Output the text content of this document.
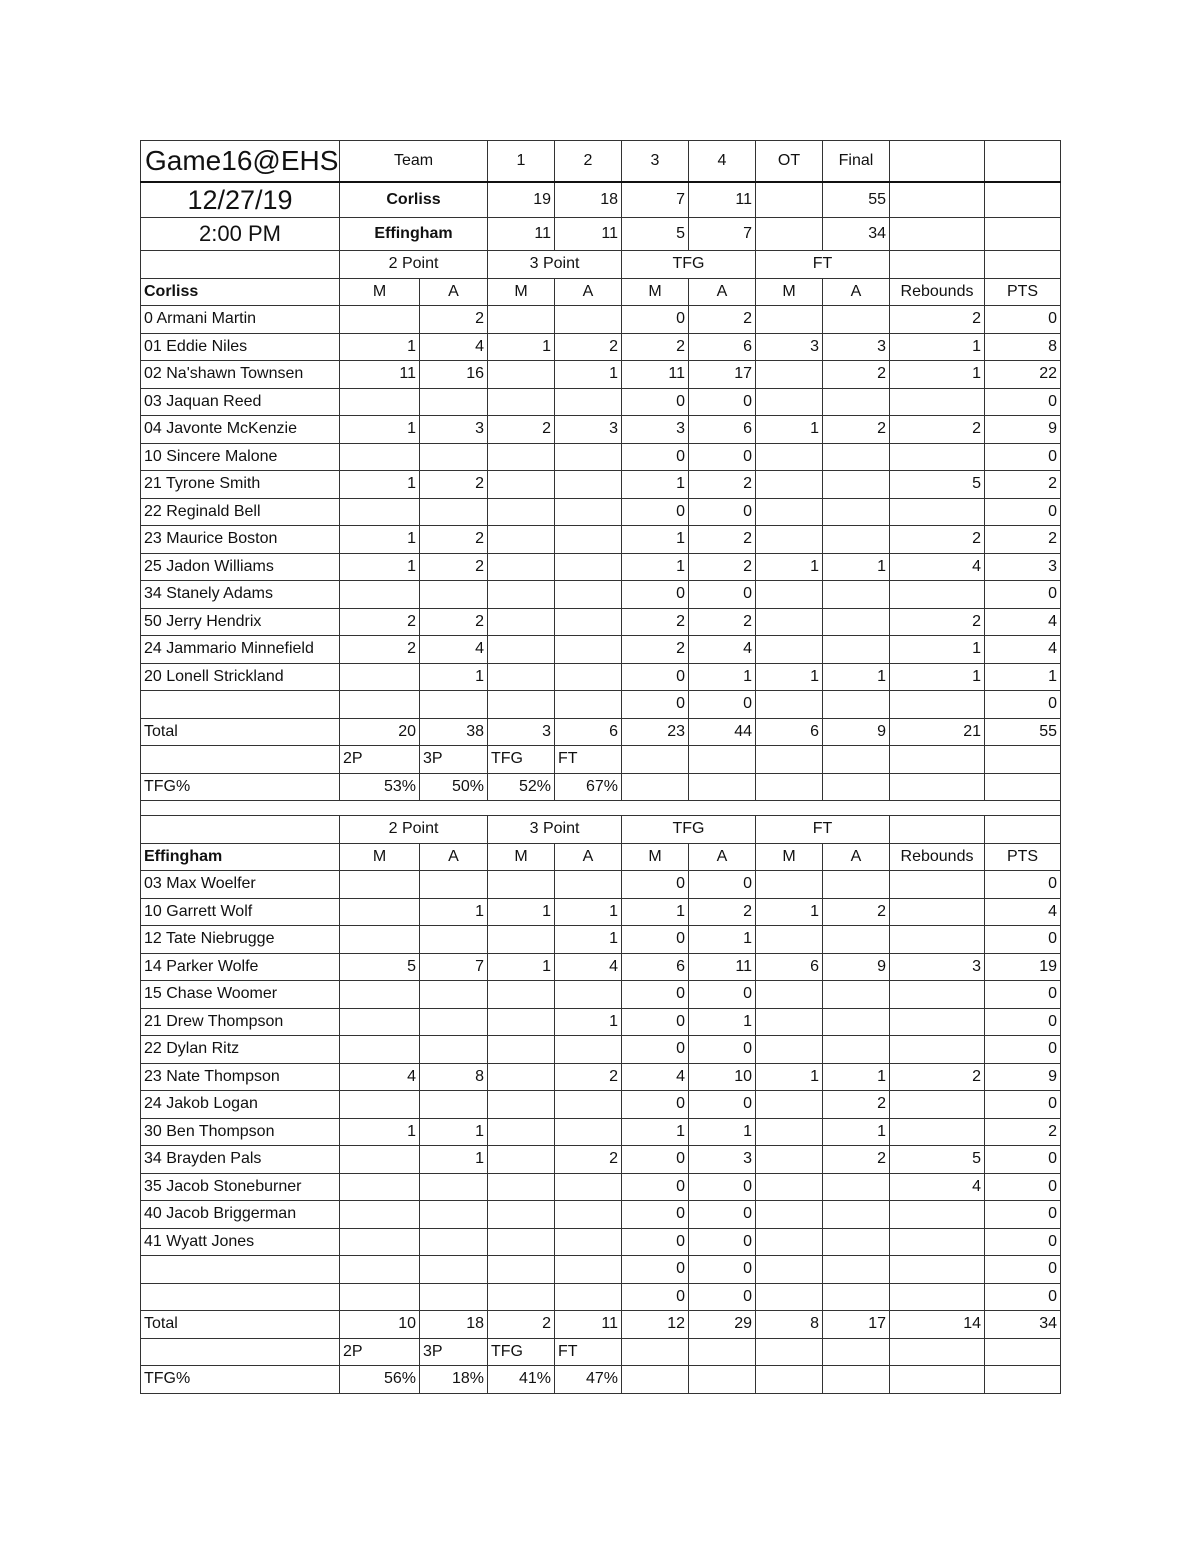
Game16@EHS	Team		1	2	3	4	OT	Final		
12/27/19	Corliss		19	18	7	11		55		
2:00 PM	Effingham		11	11	5	7		34		
	2 Point		3 Point		TFG		FT			
Corliss	M	A	M	A	M	A	M	A	Rebounds	PTS
0 Armani Martin		2			0	2			2	0
01 Eddie Niles	1	4	1	2	2	6	3	3	1	8
02 Na'shawn Townsen	11	16		1	11	17		2	1	22
03 Jaquan Reed					0	0				0
04 Javonte McKenzie	1	3	2	3	3	6	1	2	2	9
10 Sincere Malone					0	0				0
21 Tyrone Smith	1	2			1	2			5	2
22 Reginald Bell					0	0				0
23 Maurice Boston	1	2			1	2			2	2
25 Jadon Williams	1	2			1	2	1	1	4	3
34 Stanely Adams					0	0				0
50 Jerry Hendrix	2	2			2	2			2	4
24 Jammario Minnefield	2	4			2	4			1	4
20 Lonell Strickland		1			0	1	1	1	1	1
					0	0				0
Total	20	38	3	6	23	44	6	9	21	55
	2P	3P	TFG	FT						
TFG%	53%	50%	52%	67%						

	2 Point		3 Point		TFG		FT			
Effingham	M	A	M	A	M	A	M	A	Rebounds	PTS
03 Max Woelfer					0	0				0
10 Garrett Wolf		1	1	1	1	2	1	2		4
12 Tate Niebrugge				1	0	1				0
14 Parker Wolfe	5	7	1	4	6	11	6	9	3	19
15 Chase Woomer					0	0				0
21 Drew Thompson				1	0	1				0
22 Dylan Ritz					0	0				0
23 Nate Thompson	4	8		2	4	10	1	1	2	9
24 Jakob Logan					0	0		2		0
30 Ben Thompson	1	1			1	1		1		2
34 Brayden Pals		1		2	0	3		2	5	0
35 Jacob Stoneburner					0	0			4	0
40 Jacob Briggerman					0	0				0
41 Wyatt Jones					0	0				0
					0	0				0
					0	0				0
Total	10	18	2	11	12	29	8	17	14	34
	2P	3P	TFG	FT						
TFG%	56%	18%	41%	47%						
